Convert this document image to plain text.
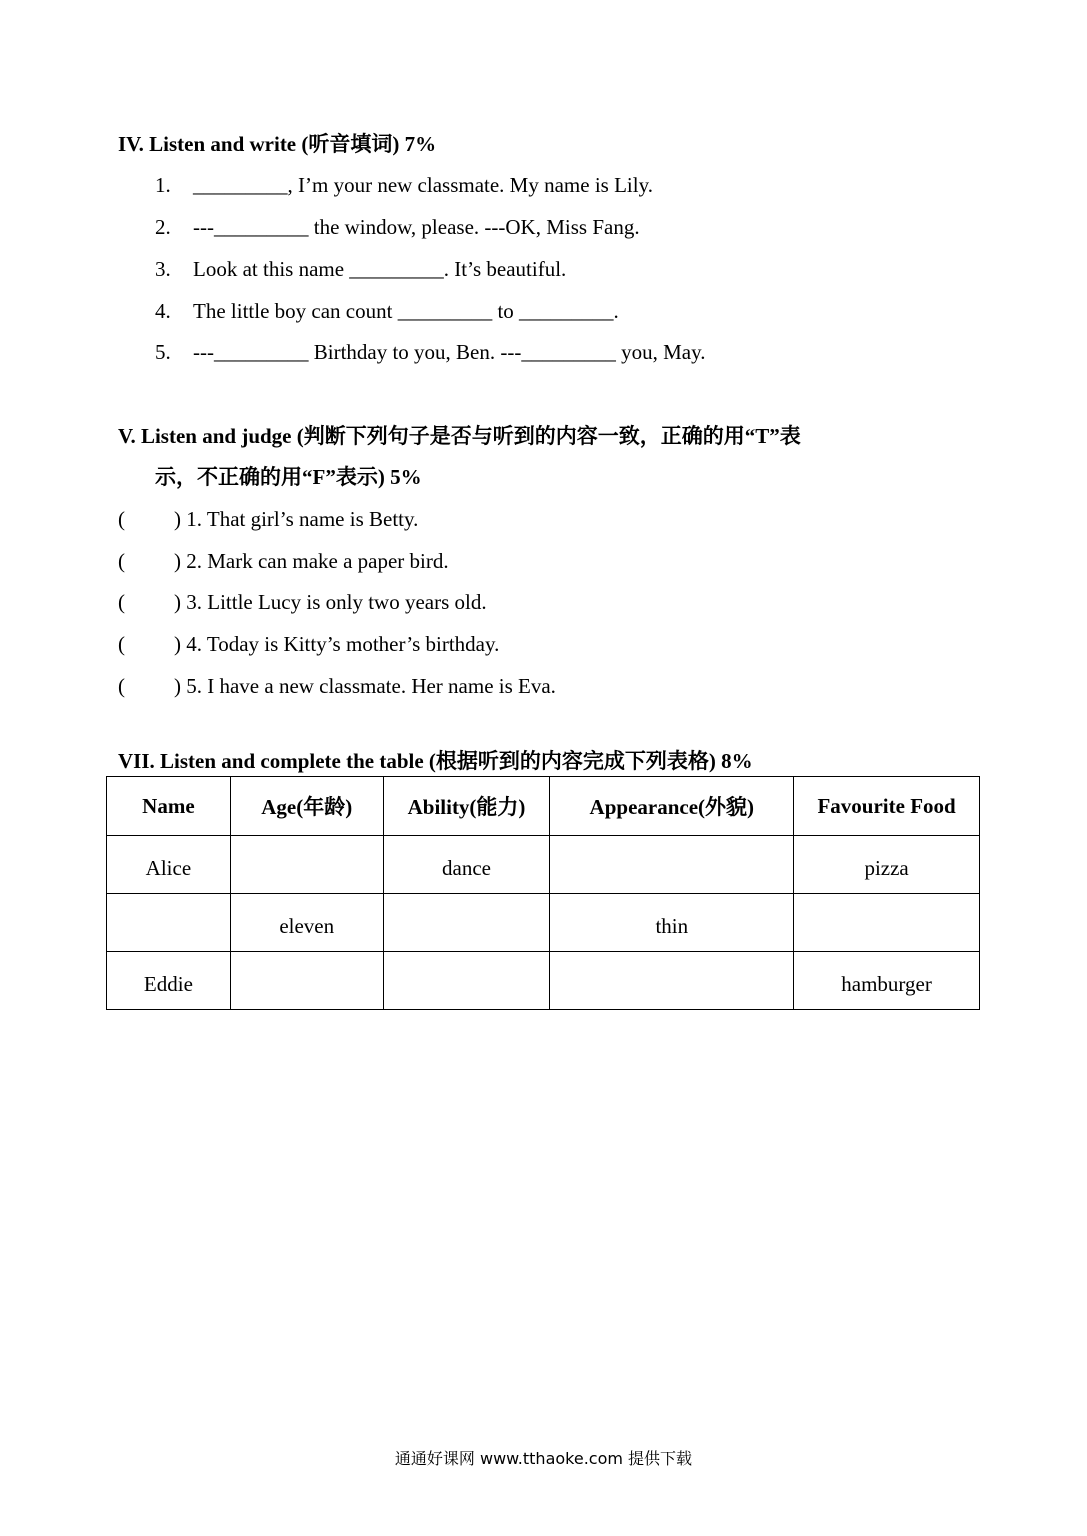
IV. Listen and write (听音填词) 7%
1. _________, I’m your new classmate. My name is Lily.
2. ---_________ the window, please. ---OK, Miss Fang.
3. Look at this name _________. It’s beautiful.
4. The little boy can count _________ to _________.
5. ---_________ Birthday to you, Ben. ---_________ you, May.
V. Listen and judge (判断下列句子是否与听到的内容一致，正确的用“T”表
示，不正确的用“F”表示) 5%
( ) 1. That girl’s name is Betty.
( ) 2. Mark can make a paper bird.
( ) 3. Little Lucy is only two years old.
( ) 4. Today is Kitty’s mother’s birthday.
( ) 5. I have a new classmate. Her name is Eva.
VII. Listen and complete the table (根据听到的内容完成下列表格) 8%
Name	Age(年龄)	Ability(能力)	Appearance(外貌)	Favourite Food
Alice		dance		pizza
	eleven		thin	
Eddie				hamburger
通通好课网 www.tthaoke.com 提供下载
